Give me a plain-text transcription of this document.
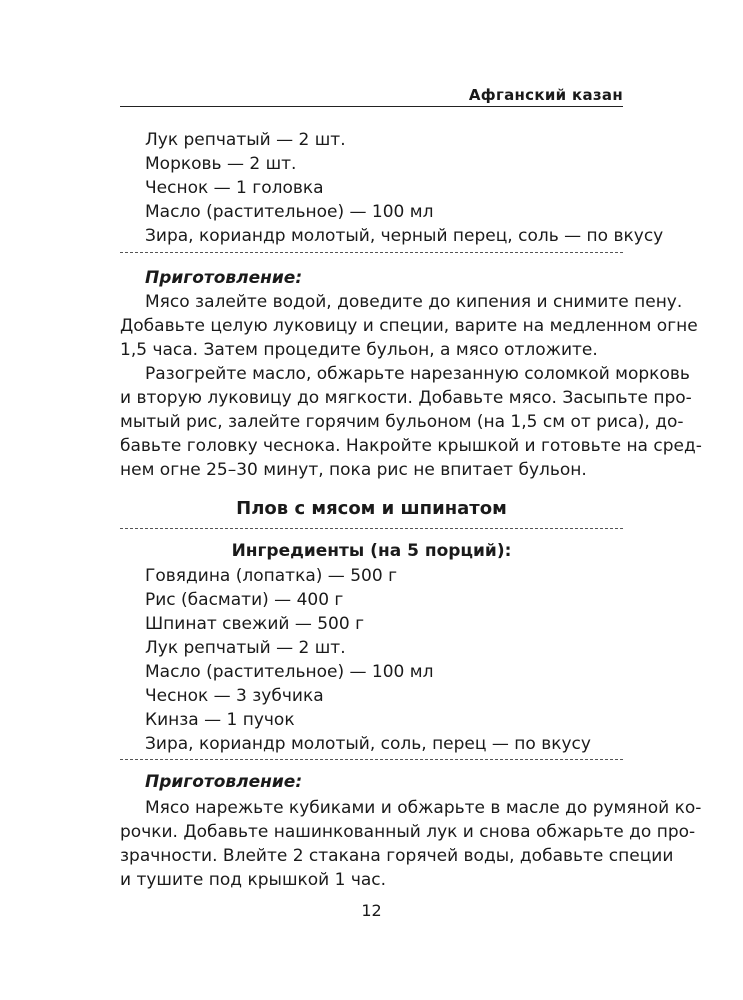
Афганский казан
Лук репчатый — 2 шт.
Морковь — 2 шт.
Чеснок — 1 головка
Масло (растительное) — 100 мл
Зира, кориандр молотый, черный перец, соль — по вкусу
Приготовление:
Мясо залейте водой, доведите до кипения и снимите пену.
Добавьте целую луковицу и специи, варите на медленном огне
1,5 часа. Затем процедите бульон, а мясо отложите.
Разогрейте масло, обжарьте нарезанную соломкой морковь
и вторую луковицу до мягкости. Добавьте мясо. Засыпьте про-
мытый рис, залейте горячим бульоном (на 1,5 см от риса), до-
бавьте головку чеснока. Накройте крышкой и готовьте на сред-
нем огне 25–30 минут, пока рис не впитает бульон.
Плов с мясом и шпинатом
Ингредиенты (на 5 порций):
Говядина (лопатка) — 500 г
Рис (басмати) — 400 г
Шпинат свежий — 500 г
Лук репчатый — 2 шт.
Масло (растительное) — 100 мл
Чеснок — 3 зубчика
Кинза — 1 пучок
Зира, кориандр молотый, соль, перец — по вкусу
Приготовление:
Мясо нарежьте кубиками и обжарьте в масле до румяной ко-
рочки. Добавьте нашинкованный лук и снова обжарьте до про-
зрачности. Влейте 2 стакана горячей воды, добавьте специи
и тушите под крышкой 1 час.
12
